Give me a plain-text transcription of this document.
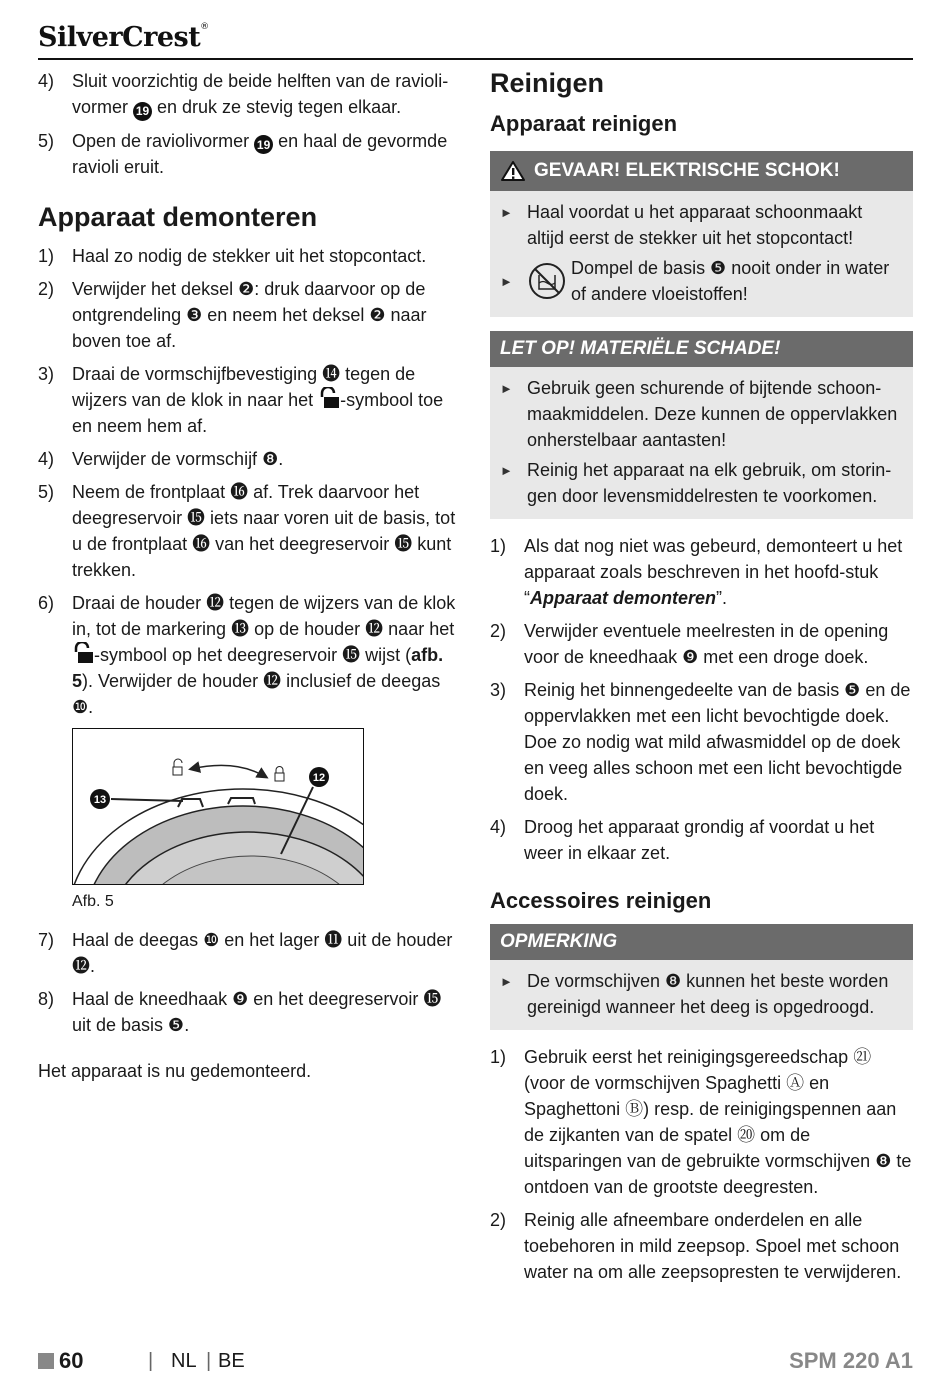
SilverCrest®
4) Sluit voorzichtig de beide helften van de ravioli-vormer 19 en druk ze stevig tegen elkaar.
5) Open de raviolivormer 19 en haal de gevormde ravioli eruit.
Apparaat demonteren
1) Haal zo nodig de stekker uit het stopcontact.
2) Verwijder het deksel ❷: druk daarvoor op de ontgrendeling ❸ en neem het deksel ❷ naar boven toe af.
3) Draai de vormschijfbevestiging ⓮ tegen de wijzers van de klok in naar het -symbool toe en neem hem af.
4) Verwijder de vormschijf ❽.
5) Neem de frontplaat ⓰ af. Trek daarvoor het deegreservoir ⓯ iets naar voren uit de basis, tot u de frontplaat ⓰ van het deegreservoir ⓯ kunt trekken.
6) Draai de houder ⓬ tegen de wijzers van de klok in, tot de markering ⓭ op de houder ⓬ naar het -symbool op het deegreservoir ⓯ wijst (afb. 5). Verwijder de houder ⓬ inclusief de deegas ❿.
13
12
Afb. 5
7) Haal de deegas ❿ en het lager ⓫ uit de houder ⓬.
8) Haal de kneedhaak ❾ en het deegreservoir ⓯ uit de basis ❺.
Het apparaat is nu gedemonteerd.
Reinigen
Apparaat reinigen
GEVAAR! ELEKTRISCHE SCHOK!
► Haal voordat u het apparaat schoonmaakt altijd eerst de stekker uit het stopcontact!
►
Dompel de basis ❺ nooit onder in water of andere vloeistoffen!
LET OP! MATERIËLE SCHADE!
► Gebruik geen schurende of bijtende schoon-maakmiddelen. Deze kunnen de oppervlakken onherstelbaar aantasten!
► Reinig het apparaat na elk gebruik, om storin-gen door levensmiddelresten te voorkomen.
1) Als dat nog niet was gebeurd, demonteert u het apparaat zoals beschreven in het hoofd-stuk “Apparaat demonteren”.
2) Verwijder eventuele meelresten in de opening voor de kneedhaak ❾ met een droge doek.
3) Reinig het binnengedeelte van de basis ❺ en de oppervlakken met een licht bevochtigde doek. Doe zo nodig wat mild afwasmiddel op de doek en veeg alles schoon met een licht bevochtigde doek.
4) Droog het apparaat grondig af voordat u het weer in elkaar zet.
Accessoires reinigen
OPMERKING
► De vormschijven ❽ kunnen het beste worden gereinigd wanneer het deeg is opgedroogd.
1) Gebruik eerst het reinigingsgereedschap ㉑ (voor de vormschijven Spaghetti Ⓐ en Spaghettoni Ⓑ) resp. de reinigingspennen aan de zijkanten van de spatel ⑳ om de uitsparingen van de gebruikte vormschijven ❽ te ontdoen van de grootste deegresten.
2) Reinig alle afneembare onderdelen en alle toebehoren in mild zeepsop. Spoel met schoon water na om alle zeepsopresten te verwijderen.
60	| NL | BE	SPM 220 A1
